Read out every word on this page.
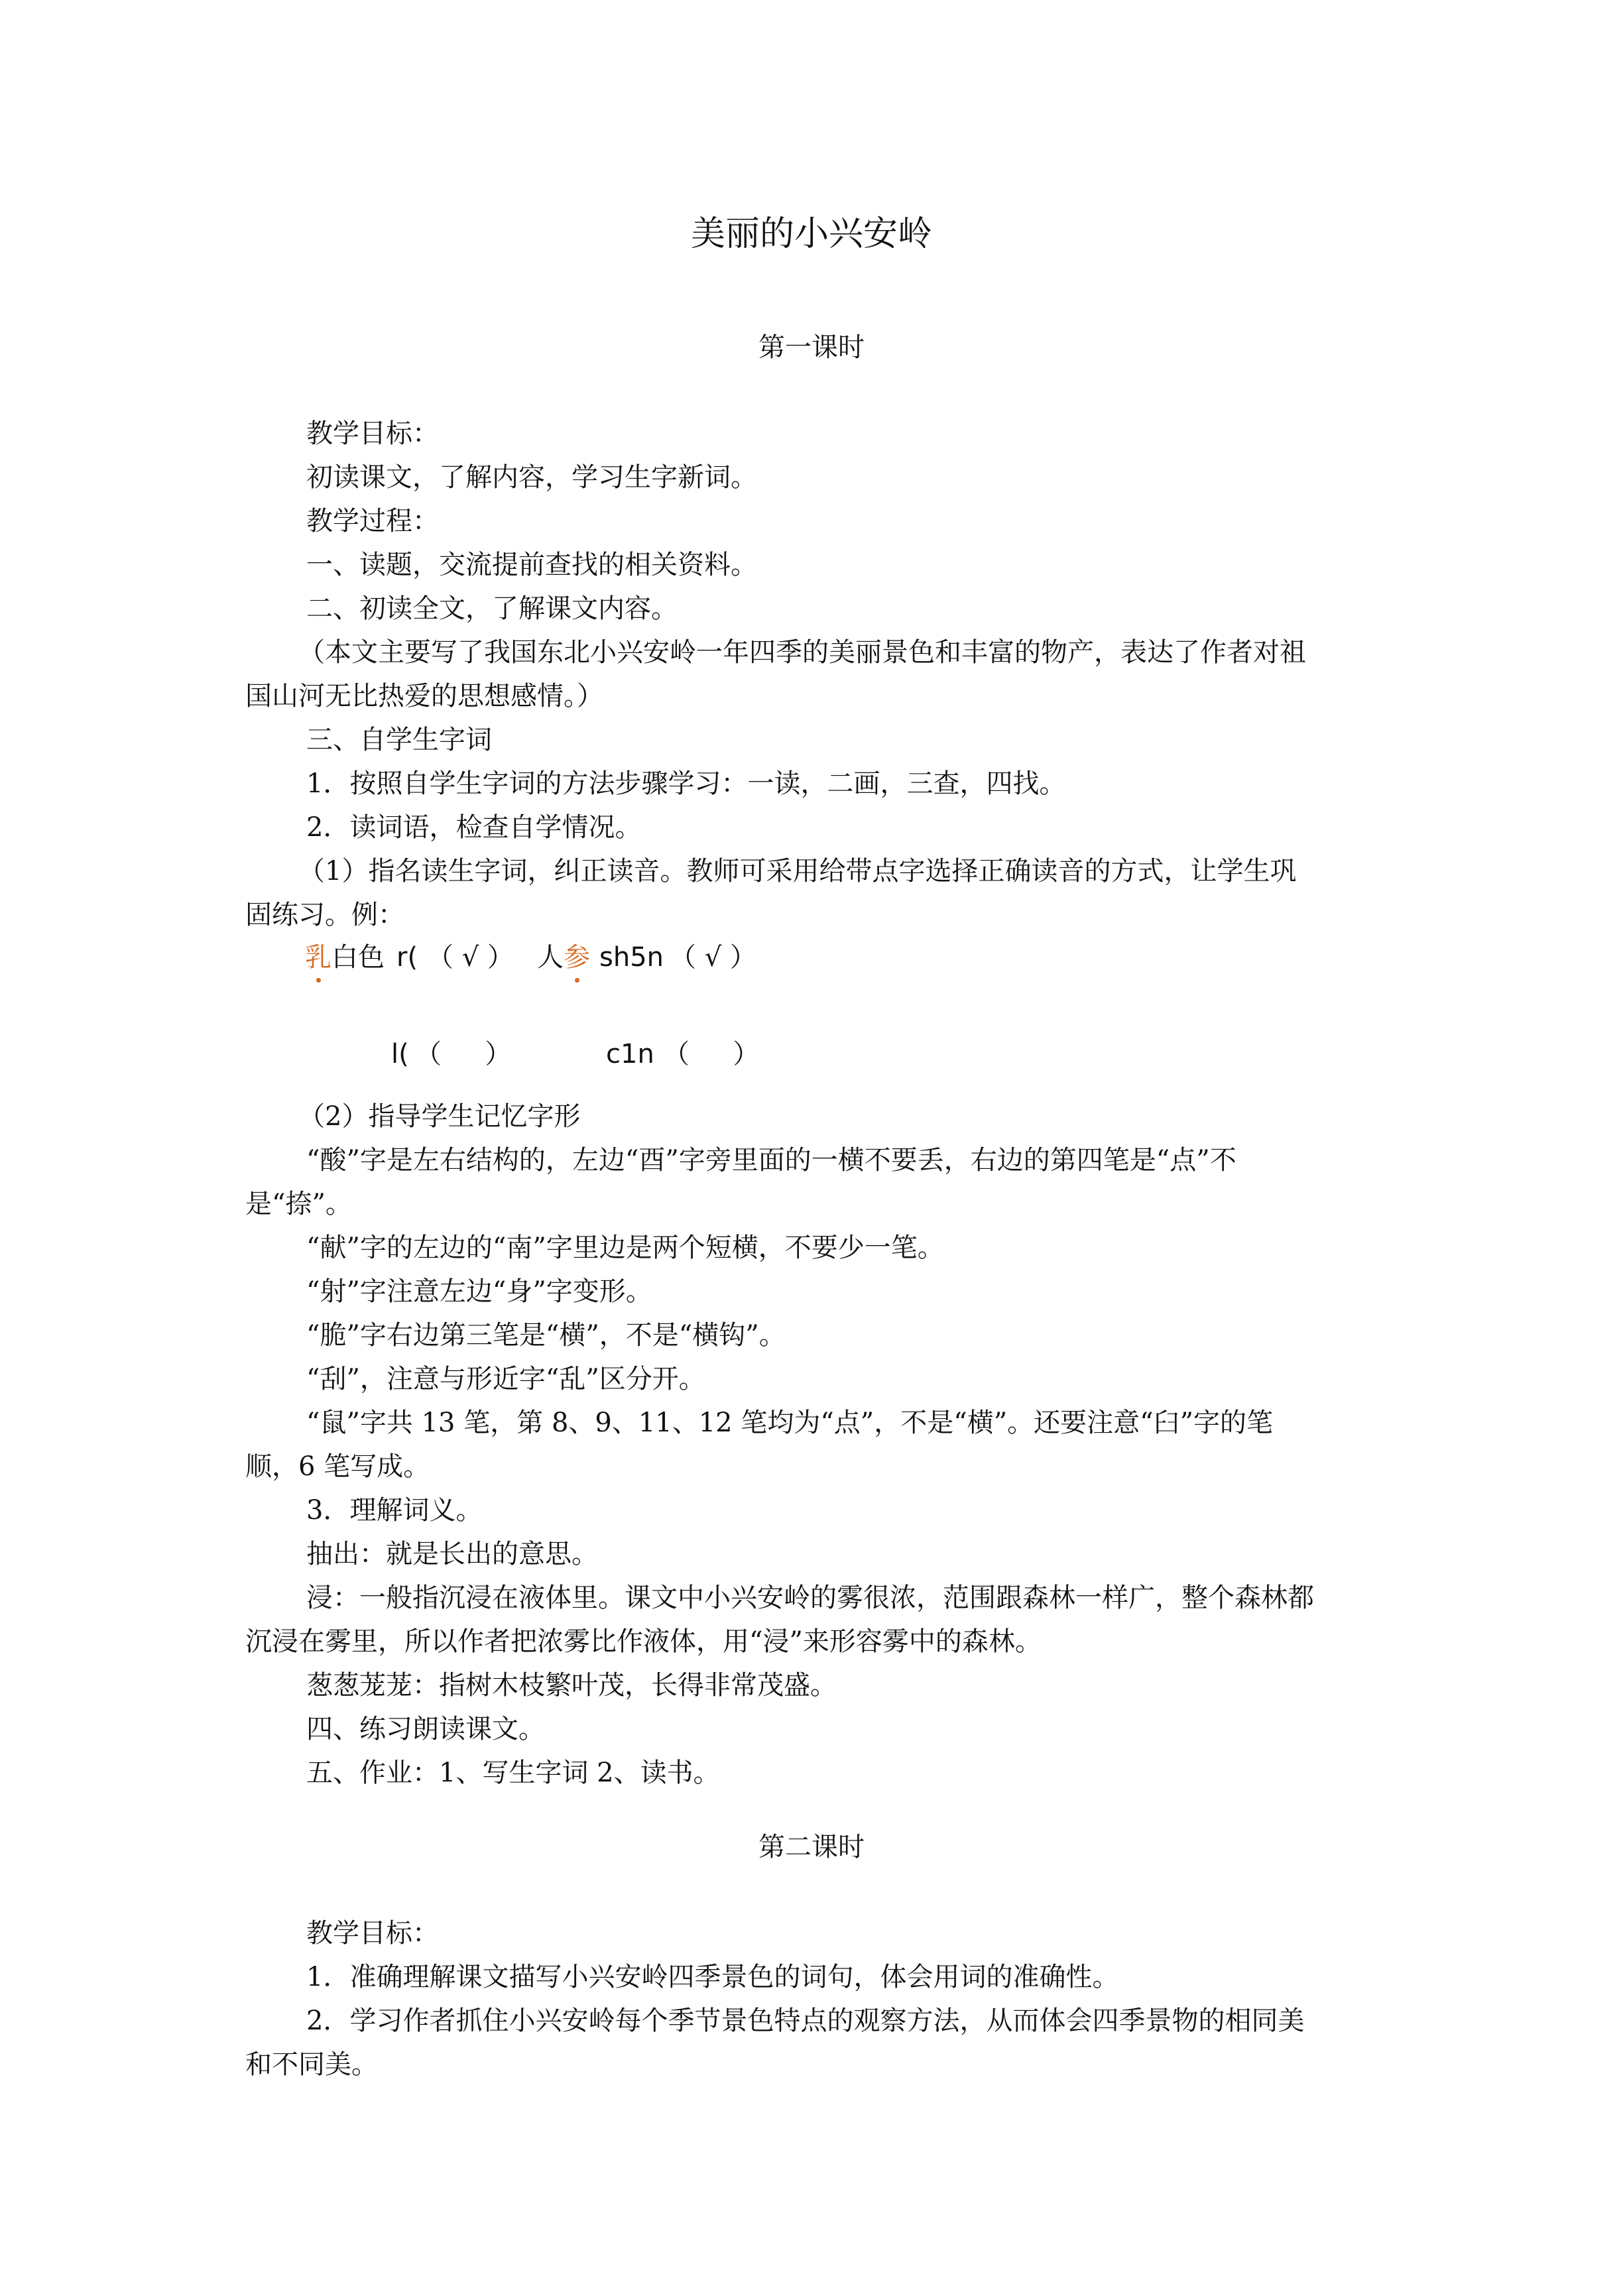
美丽的小兴安岭
第一课时
教学目标：
初读课文，了解内容，学习生字新词。
教学过程：
一、读题，交流提前查找的相关资料。
二、初读全文，了解课文内容。
（本文主要写了我国东北小兴安岭一年四季的美丽景色和丰富的物产，表达了作者对祖
国山河无比热爱的思想感情。）
三、自学生字词
1．按照自学生字词的方法步骤学习：一读，二画，三查，四找。
2．读词语，检查自学情况。
（1）指名读生字词，纠正读音。教师可采用给带点字选择正确读音的方式，让学生巩
固练习。例：
乳白色 r( （ √ ） 人参 sh5n （ √ ）
l( （ 　 ）	c1n （ 　 ）
（2）指导学生记忆字形
“酸”字是左右结构的，左边“酉”字旁里面的一横不要丢，右边的第四笔是“点”不
是“捺”。
“献”字的左边的“南”字里边是两个短横，不要少一笔。
“射”字注意左边“身”字变形。
“脆”字右边第三笔是“横”，不是“横钩”。
“刮”，注意与形近字“乱”区分开。
“鼠”字共 13 笔，第 8、9、11、12 笔均为“点”，不是“横”。还要注意“臼”字的笔
顺，6 笔写成。
3．理解词义。
抽出：就是长出的意思。
浸：一般指沉浸在液体里。课文中小兴安岭的雾很浓，范围跟森林一样广，整个森林都
沉浸在雾里，所以作者把浓雾比作液体，用“浸”来形容雾中的森林。
葱葱茏茏：指树木枝繁叶茂，长得非常茂盛。
四、练习朗读课文。
五、作业：1、写生字词 2、读书。
第二课时
教学目标：
1．准确理解课文描写小兴安岭四季景色的词句，体会用词的准确性。
2．学习作者抓住小兴安岭每个季节景色特点的观察方法，从而体会四季景物的相同美
和不同美。
